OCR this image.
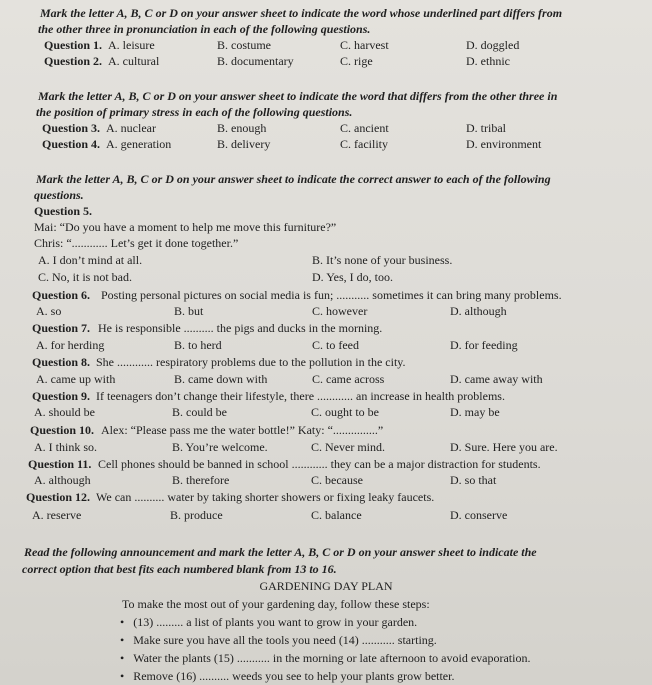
Mark the letter A, B, C or D on your answer sheet to indicate the word whose underlined part differs from
the other three in pronunciation in each of the following questions.
Question 1. A. leisure	B. costume	C. harvest	D. doggled
Question 2. A. cultural	B. documentary	C. rige	D. ethnic
Mark the letter A, B, C or D on your answer sheet to indicate the word that differs from the other three in
the position of primary stress in each of the following questions.
Question 3. A. nuclear	B. enough	C. ancient	D. tribal
Question 4. A. generation	B. delivery	C. facility	D. environment
Mark the letter A, B, C or D on your answer sheet to indicate the correct answer to each of the following
questions.
Question 5.
Mai: “Do you have a moment to help me move this furniture?”
Chris: “............ Let’s get it done together.”
A. I don’t mind at all.	B. It’s none of your business.
C. No, it is not bad.	D. Yes, I do, too.
Question 6. Posting personal pictures on social media is fun; ........... sometimes it can bring many problems.
A. so	B. but	C. however	D. although
Question 7. He is responsible .......... the pigs and ducks in the morning.
A. for herding	B. to herd	C. to feed	D. for feeding
Question 8. She ............ respiratory problems due to the pollution in the city.
A. came up with	B. came down with	C. came across	D. came away with
Question 9. If teenagers don’t change their lifestyle, there ............ an increase in health problems.
A. should be	B. could be	C. ought to be	D. may be
Question 10. Alex: “Please pass me the water bottle!” Katy: “...............”
A. I think so.	B. You’re welcome.	C. Never mind.	D. Sure. Here you are.
Question 11. Cell phones should be banned in school ............ they can be a major distraction for students.
A. although	B. therefore	C. because	D. so that
Question 12. We can .......... water by taking shorter showers or fixing leaky faucets.
A. reserve	B. produce	C. balance	D. conserve
Read the following announcement and mark the letter A, B, C or D on your answer sheet to indicate the
correct option that best fits each numbered blank from 13 to 16.
GARDENING DAY PLAN
To make the most out of your gardening day, follow these steps:
•   (13) ......... a list of plants you want to grow in your garden.
•   Make sure you have all the tools you need (14) ........... starting.
•   Water the plants (15) ........... in the morning or late afternoon to avoid evaporation.
•   Remove (16) .......... weeds you see to help your plants grow better.
